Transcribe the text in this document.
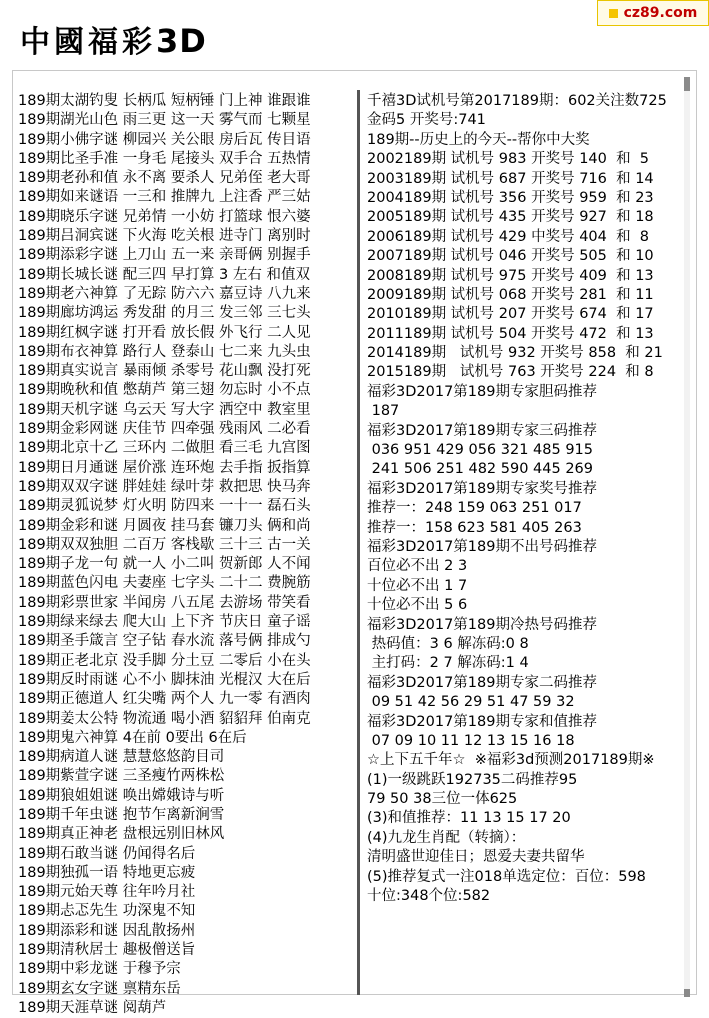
cz89.com
中國福彩3D
189期太湖钓叟 长柄瓜 短柄锤 门上神 谁跟谁
189期湖光山色 雨三更 这一天 雾气而 七颗星
189期小佛字谜 柳园兴 关公眼 房后瓦 传目语
189期比圣手准 一身毛 尾接头 双手合 五热情
189期老孙和值 永不离 要杀人 兄弟侄 老大哥
189期如来谜语 一三和 推牌九 上注香 严三姑
189期晓乐字谜 兄弟情 一小妨 打篮球 恨六婆
189期吕洞宾谜 下火海 吃关根 进寺门 离别时
189期添彩字谜 上刀山 五一来 亲哥俩 别握手
189期长城长谜 配三四 早打算 3 左右 和值双
189期老六神算 了无踪 防六六 嘉豆诗 八九来
189期廊坊鸿运 秀发甜 的月三 发三邻 三七头
189期红枫字谜 打开看 放长假 外飞行 二人见
189期布衣神算 路行人 登泰山 七二来 九头虫
189期真实说言 暴雨倾 杀零号 花山飘 没打死
189期晚秋和值 憋葫芦 第三翅 勿忘时 小不点
189期天机字谜 乌云天 写大字 洒空中 教室里
189期金彩网谜 庆佳节 四牵强 残雨风 二必看
189期北京十乙 三环内 二做胆 看三毛 九宫图
189期日月通谜 屋价涨 连环炮 去手指 扳指算
189期双双字谜 胖娃娃 绿叶芽 救把思 快马奔
189期灵狐说梦 灯火明 防四来 一十一 磊石头
189期金彩和谜 月圆夜 挂马套 镰刀头 俩和尚
189期双双独胆 二百万 客栈歇 三十三 古一关
189期子龙一句 就一人 小二叫 贺新郎 人不闻
189期蓝色闪电 夫妻座 七字头 二十二 费腕筋
189期彩票世家 半闻房 八五尾 去游场 带笑看
189期绿来绿去 爬大山 上下齐 节庆日 童子谣
189期圣手箴言 空子钻 春水流 落号俩 排成勺
189期正老北京 没手脚 分土豆 二零后 小在头
189期反时雨谜 心不小 脚抹油 光棍汉 大在后
189期正德道人 红尖嘴 两个人 九一零 有酒肉
189期姜太公特 物流通 喝小酒 貂貂拜 伯南克
189期鬼六神算 4在前 0要出 6在后
189期病道人谜 慧慧悠悠韵目司
189期紫萱字谜 三圣瘦竹两株松
189期狼姐姐谜 唤出嫦娥诗与听
189期千年虫谜 抱节乍离新涧雪
189期真正神老 盘根远别旧林风
189期石敢当谜 仍闻得名后
189期独孤一语 特地更忘疲
189期元始天尊 往年吟月社
189期忐忑先生 功深鬼不知
189期添彩和谜 因乱散扬州
189期清秋居士 趣极僧送旨
189期中彩龙谜 于穆予宗
189期玄女字谜 禀精东岳
189期天涯草谜 阅葫芦
千禧3D试机号第2017189期：602关注数725
金码5 开奖号:741
189期--历史上的今天--帮你中大奖
2002189期 试机号 983 开奖号 140  和  5
2003189期 试机号 687 开奖号 716  和 14
2004189期 试机号 356 开奖号 959  和 23
2005189期 试机号 435 开奖号 927  和 18
2006189期 试机号 429 中奖号 404  和  8
2007189期 试机号 046 开奖号 505  和 10
2008189期 试机号 975 开奖号 409  和 13
2009189期 试机号 068 开奖号 281  和 11
2010189期 试机号 207 开奖号 674  和 17
2011189期 试机号 504 开奖号 472  和 13
2014189期   试机号 932 开奖号 858  和 21
2015189期   试机号 763 开奖号 224  和 8
福彩3D2017第189期专家胆码推荐
187
福彩3D2017第189期专家三码推荐
036 951 429 056 321 485 915
241 506 251 482 590 445 269
福彩3D2017第189期专家奖号推荐
推荐一：248 159 063 251 017
推荐一：158 623 581 405 263
福彩3D2017第189期不出号码推荐
百位必不出 2 3
十位必不出 1 7
十位必不出 5 6
福彩3D2017第189期冷热号码推荐
热码值：3 6 解冻码:0 8
主打码：2 7 解冻码:1 4
福彩3D2017第189期专家二码推荐
09 51 42 56 29 51 47 59 32
福彩3D2017第189期专家和值推荐
07 09 10 11 12 13 15 16 18
☆上下五千年☆  ※福彩3d预测2017189期※
(1)一级跳跃192735二码推荐95
79 50 38三位一体625
(3)和值推荐：11 13 15 17 20
(4)九龙生肖配（转摘）：
清明盛世迎佳日；恩爱夫妻共留华
(5)推荐复式一注018单选定位：百位：598
十位:348个位:582
